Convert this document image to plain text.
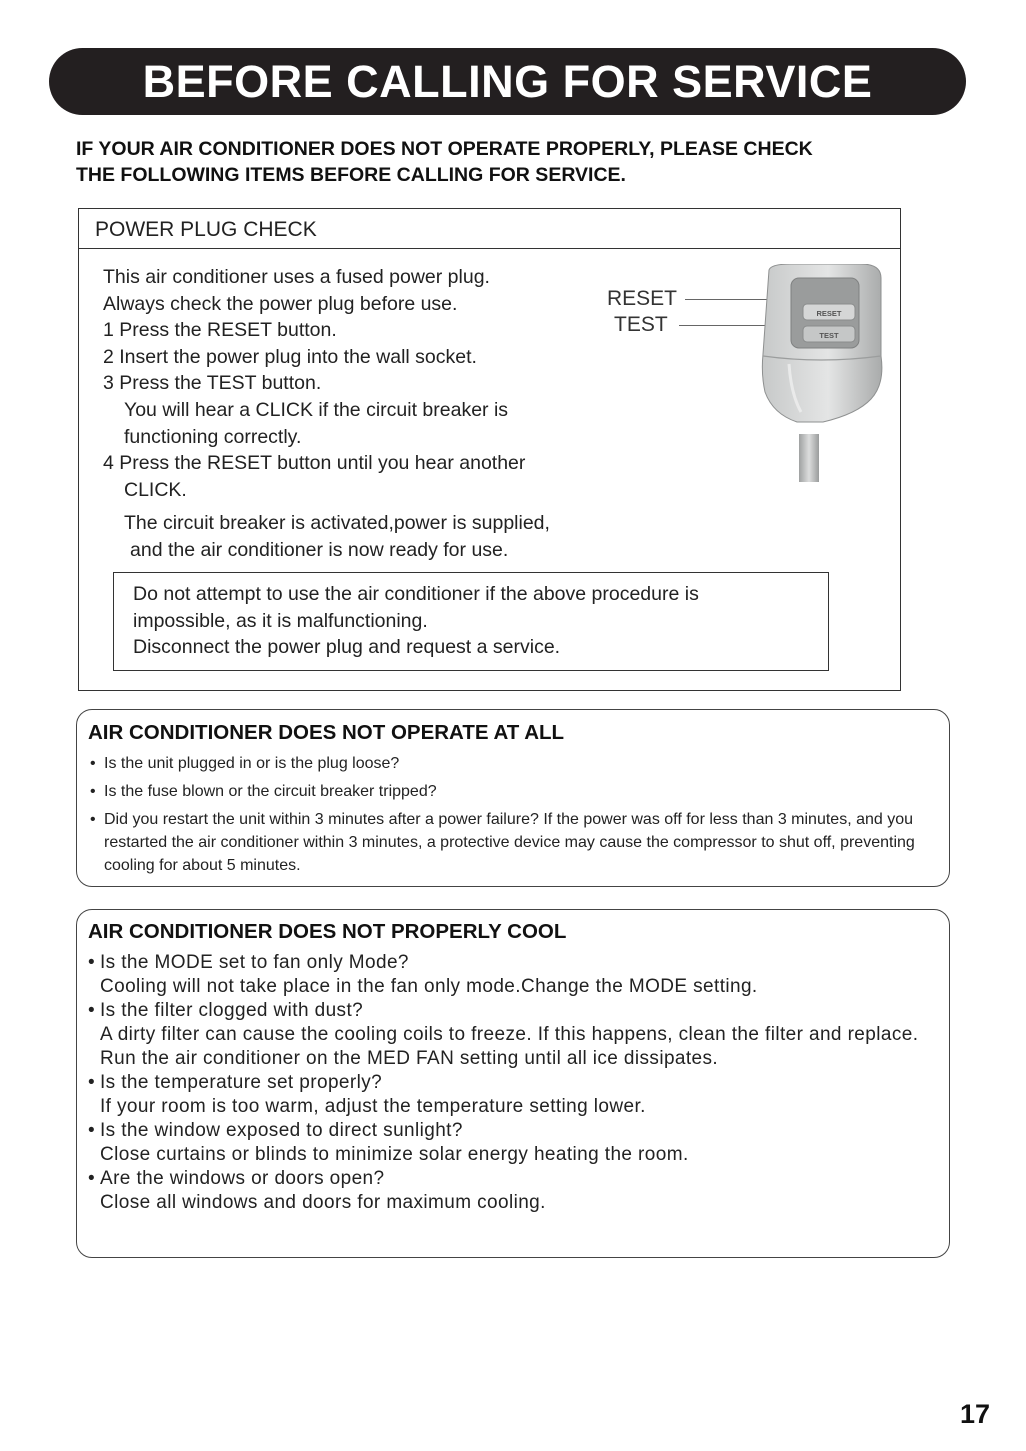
BEFORE CALLING FOR SERVICE
IF YOUR AIR CONDITIONER DOES NOT OPERATE PROPERLY, PLEASE CHECK
THE FOLLOWING ITEMS BEFORE CALLING FOR SERVICE.
POWER PLUG CHECK
This air conditioner uses a fused power plug.
Always check the power plug before use.
1 Press the RESET button.
2 Insert the power plug into the wall socket.
3 Press the TEST button.
You will hear a CLICK if the circuit breaker is
functioning correctly.
4 Press the RESET button until you hear another
CLICK.
The circuit breaker is activated,power is supplied,
and the air conditioner is now ready for use.
RESET
TEST	RESET
TEST
Do not attempt to use the air conditioner if the above procedure is
impossible, as it is malfunctioning.
Disconnect the power plug and request a service.
AIR CONDITIONER DOES NOT OPERATE AT ALL
• Is the unit plugged in or is the plug loose?
• Is the fuse blown or the circuit breaker tripped?
• Did you restart the unit within 3 minutes after a power failure? If the power was off for less than 3 minutes, and you restarted the air conditioner within 3 minutes, a protective device may cause the compressor to shut off, preventing cooling for about 5 minutes.
AIR CONDITIONER DOES NOT PROPERLY COOL
• Is the MODE set to fan only Mode?
Cooling will not take place in the fan only mode.Change the MODE setting.
• Is the filter clogged with dust?
A dirty filter can cause the cooling coils to freeze. If this happens, clean the filter and replace. Run the air conditioner on the MED FAN setting until all ice dissipates.
• Is the temperature set properly?
If your room is too warm, adjust the temperature setting lower.
• Is the window exposed to direct sunlight?
Close curtains or blinds to minimize solar energy heating the room.
• Are the windows or doors open?
Close all windows and doors for maximum cooling.
17
